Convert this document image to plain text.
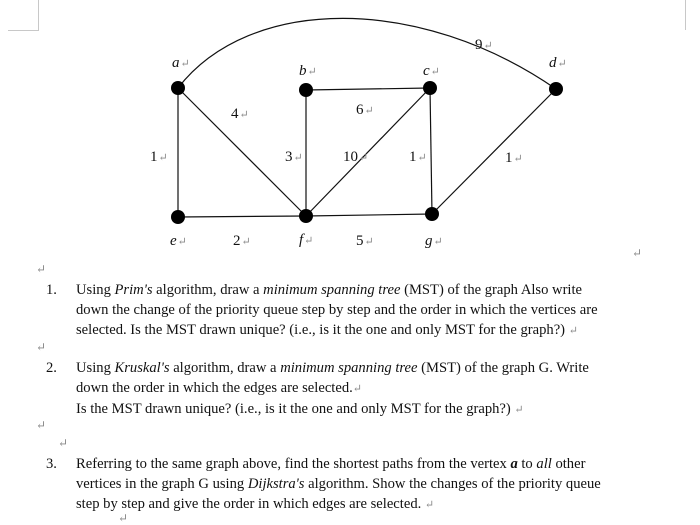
a↵	b↵	c↵
d↵
e↵	f↵	g↵
9↵
1↵
4↵	6↵
3↵	10↵	1↵	1↵
2↵	5↵
↵
↵
1. Using Prim's algorithm, draw a minimum spanning tree (MST) of the graph Also write
down the change of the priority queue step by step and the order in which the vertices are
selected. Is the MST drawn unique? (i.e., is it the one and only MST for the graph?) ↵
↵
2. Using Kruskal's algorithm, draw a minimum spanning tree (MST) of the graph G. Write
down the order in which the edges are selected.↵
Is the MST drawn unique? (i.e., is it the one and only MST for the graph?) ↵
↵
↵
3. Referring to the same graph above, find the shortest paths from the vertex a to all other
vertices in the graph G using Dijkstra's algorithm. Show the changes of the priority queue
step by step and give the order in which edges are selected. ↵
↵
